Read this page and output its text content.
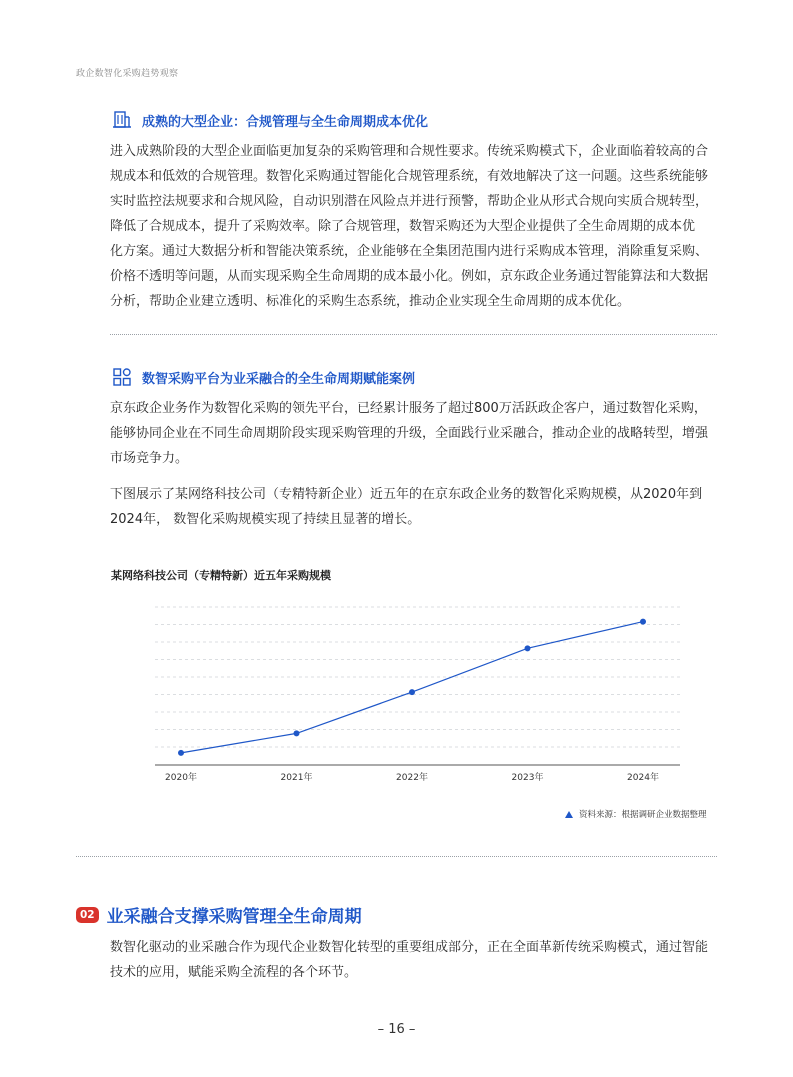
政企数智化采购趋势观察
成熟的大型企业：合规管理与全生命周期成本优化

进入成熟阶段的大型企业面临更加复杂的采购管理和合规性要求。传统采购模式下，企业面临着较高的合
规成本和低效的合规管理。数智化采购通过智能化合规管理系统，有效地解决了这一问题。这些系统能够
实时监控法规要求和合规风险，自动识别潜在风险点并进行预警，帮助企业从形式合规向实质合规转型，
降低了合规成本，提升了采购效率。除了合规管理，数智采购还为大型企业提供了全生命周期的成本优
化方案。通过大数据分析和智能决策系统，企业能够在全集团范围内进行采购成本管理，消除重复采购、
价格不透明等问题，从而实现采购全生命周期的成本最小化。例如，京东政企业务通过智能算法和大数据
分析，帮助企业建立透明、标准化的采购生态系统，推动企业实现全生命周期的成本优化。

数智采购平台为业采融合的全生命周期赋能案例

京东政企业务作为数智化采购的领先平台，已经累计服务了超过800万活跃政企客户，通过数智化采购，
能够协同企业在不同生命周期阶段实现采购管理的升级，全面践行业采融合，推动企业的战略转型，增强
市场竞争力。

下图展示了某网络科技公司（专精特新企业）近五年的在京东政企业务的数智化采购规模，从2020年到
2024年， 数智化采购规模实现了持续且显著的增长。

某网络科技公司（专精特新）近五年采购规模
2020年	2021年	2022年	2023年	2024年
资料来源：根据调研企业数据整理
02 业采融合支撑采购管理全生命周期

数智化驱动的业采融合作为现代企业数智化转型的重要组成部分，正在全面革新传统采购模式，通过智能
技术的应用，赋能采购全流程的各个环节。

– 16 –
